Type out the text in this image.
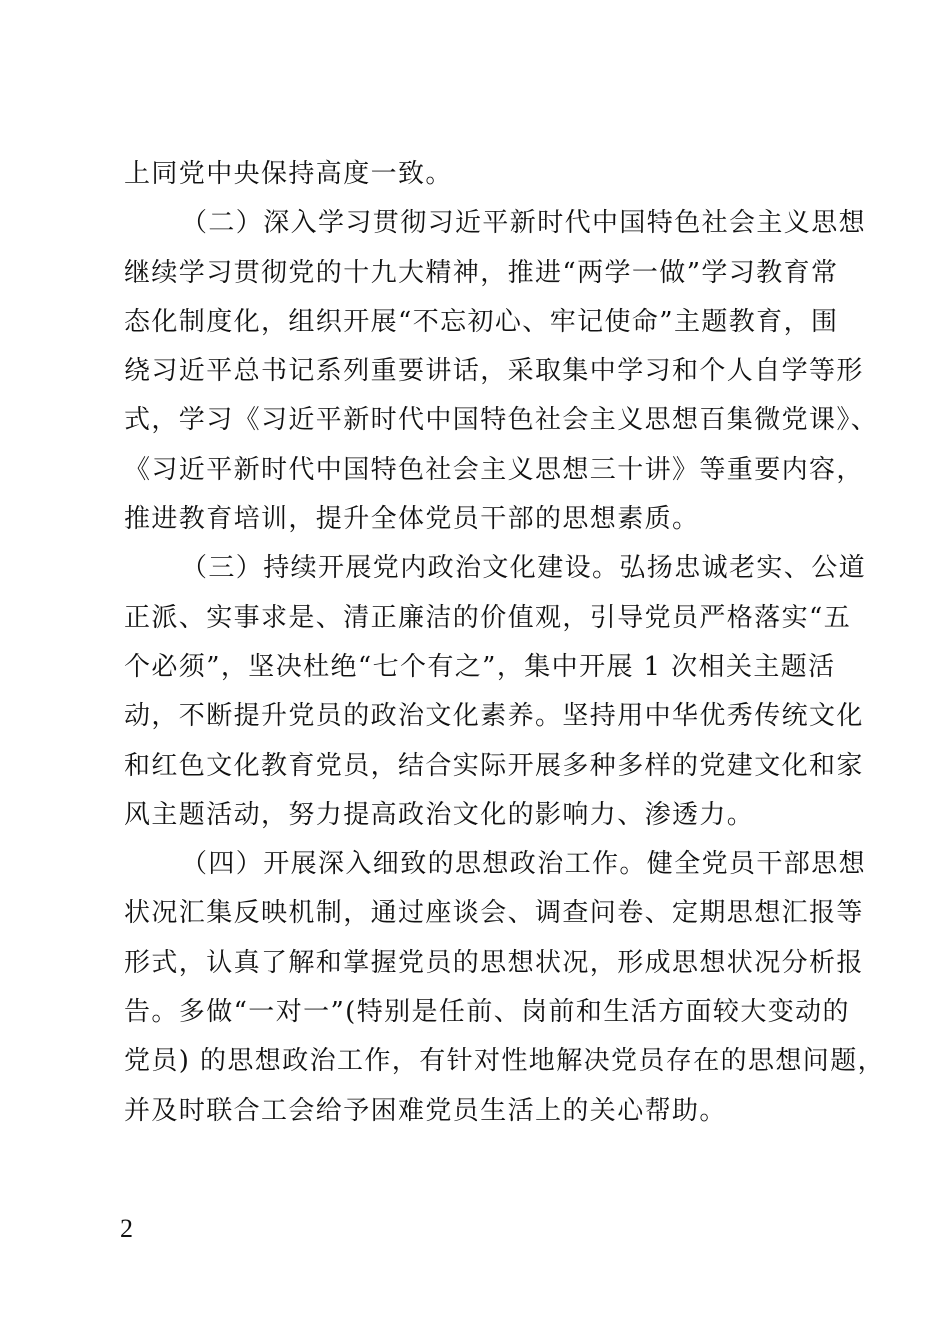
上同党中央保持高度一致。
（二）深入学习贯彻习近平新时代中国特色社会主义思想
继续学习贯彻党的十九大精神，推进“两学一做”学习教育常
态化制度化，组织开展“不忘初心、牢记使命”主题教育，围
绕习近平总书记系列重要讲话，采取集中学习和个人自学等形
式，学习《习近平新时代中国特色社会主义思想百集微党课》、
《习近平新时代中国特色社会主义思想三十讲》等重要内容，
推进教育培训，提升全体党员干部的思想素质。
（三）持续开展党内政治文化建设。弘扬忠诚老实、公道
正派、实事求是、清正廉洁的价值观，引导党员严格落实“五
个必须”，坚决杜绝“七个有之”，集中开展 1 次相关主题活
动，不断提升党员的政治文化素养。坚持用中华优秀传统文化
和红色文化教育党员，结合实际开展多种多样的党建文化和家
风主题活动，努力提高政治文化的影响力、渗透力。
（四）开展深入细致的思想政治工作。健全党员干部思想
状况汇集反映机制，通过座谈会、调查问卷、定期思想汇报等
形式，认真了解和掌握党员的思想状况，形成思想状况分析报
告。多做“一对一”(特别是任前、岗前和生活方面较大变动的
党员) 的思想政治工作，有针对性地解决党员存在的思想问题，
并及时联合工会给予困难党员生活上的关心帮助。
2
